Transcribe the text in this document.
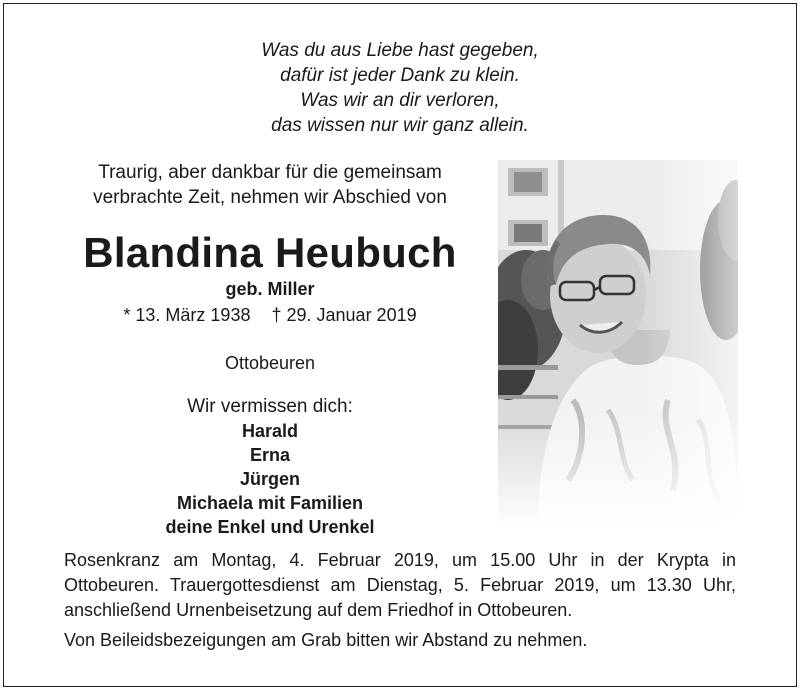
Was du aus Liebe hast gegeben,
dafür ist jeder Dank zu klein.
Was wir an dir verloren,
das wissen nur wir ganz allein.
Traurig, aber dankbar für die gemeinsam
verbrachte Zeit, nehmen wir Abschied von
Blandina Heubuch
geb. Miller
* 13. März 1938 † 29. Januar 2019
Ottobeuren
Wir vermissen dich:
Harald
Erna
Jürgen
Michaela mit Familien
deine Enkel und Urenkel

Rosenkranz am Montag, 4. Februar 2019, um 15.00 Uhr in der Krypta in Ottobeuren. Trauergottesdienst am Dienstag, 5. Februar 2019, um 13.30 Uhr, anschließend Urnenbeisetzung auf dem Friedhof in Ottobeuren.

Von Beileidsbezeigungen am Grab bitten wir Abstand zu nehmen.
